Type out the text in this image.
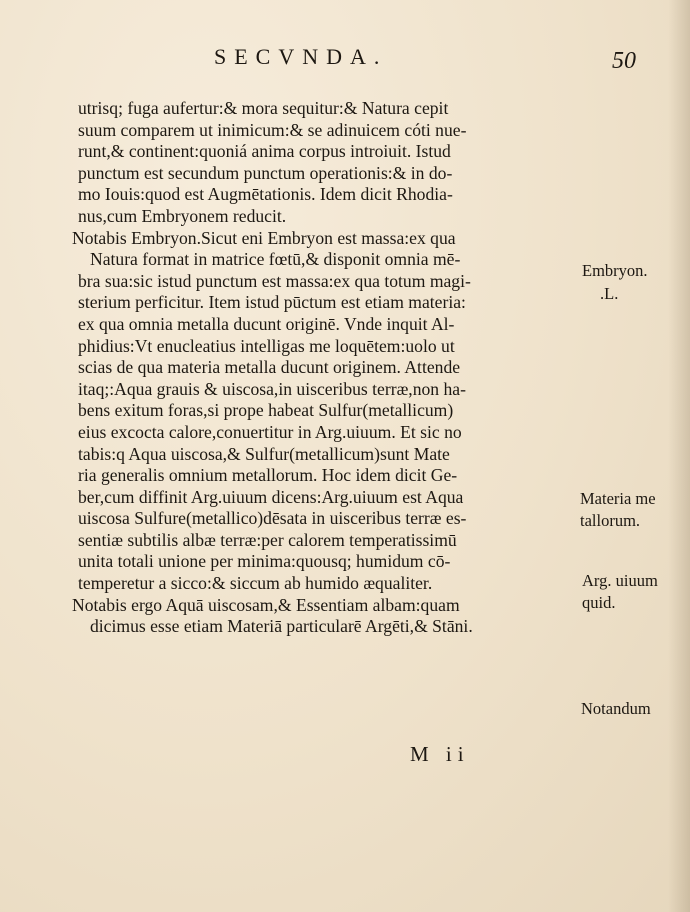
SECVNDA.	50
utrisq; fuga aufertur:& mora sequitur:& Natura cepit
suum comparem ut inimicum:& se adinuicem cóti nue-
runt,& continent:quoniá anima corpus introiuit. Istud
punctum est secundum punctum operationis:& in do-
mo Iouis:quod est Augmētationis. Idem dicit Rhodia-
nus,cum Embryonem reducit.
Notabis Embryon.Sicut eni Embryon est massa:ex qua
Natura format in matrice fœtū,& disponit omnia mē-
bra sua:sic istud punctum est massa:ex qua totum magi-
sterium perficitur. Item istud pūctum est etiam materia:
ex qua omnia metalla ducunt originē. Vnde inquit Al-
phidius:Vt enucleatius intelligas me loquētem:uolo ut
scias de qua materia metalla ducunt originem. Attende
itaq;:Aqua grauis & uiscosa,in uisceribus terræ,non ha-
bens exitum foras,si prope habeat Sulfur(metallicum)
eius excocta calore,conuertitur in Arg.uiuum. Et sic no
tabis:q Aqua uiscosa,& Sulfur(metallicum)sunt Mate
ria generalis omnium metallorum. Hoc idem dicit Ge-
ber,cum diffinit Arg.uiuum dicens:Arg.uiuum est Aqua
uiscosa Sulfure(metallico)dēsata in uisceribus terræ es-
sentiæ subtilis albæ terræ:per calorem temperatissimū
unita totali unione per minima:quousq; humidum cō-
temperetur a sicco:& siccum ab humido æqualiter.
Notabis ergo Aquā uiscosam,& Essentiam albam:quam
dicimus esse etiam Materiā particularē Argēti,& Stāni.
Embryon.
.L.
Materia me
tallorum.
Arg. uiuum
quid.
Notandum
M ii
